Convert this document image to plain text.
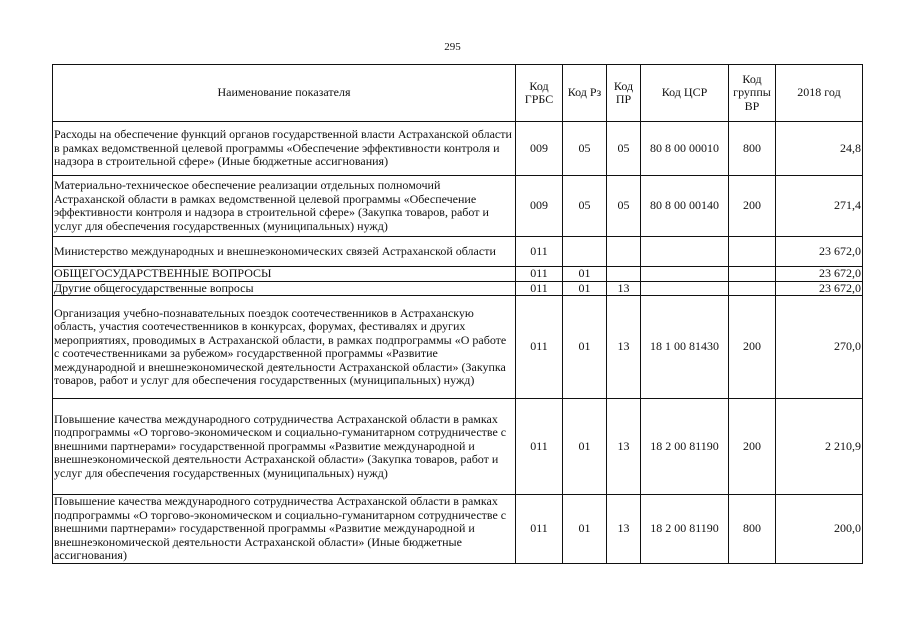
295
Наименование показателя	Код ГРБС	Код Рз	Код ПР	Код ЦСР	Код группы ВР	2018 год
Расходы на обеспечение функций органов государственной власти Астраханской области в рамках ведомственной целевой программы «Обеспечение эффективности контроля и надзора в строительной сфере» (Иные бюджетные ассигнования)	009	05	05	80 8 00 00010	800	24,8
Материально-техническое обеспечение реализации отдельных полномочий Астраханской области в рамках ведомственной целевой программы «Обеспечение эффективности контроля и надзора в строительной сфере» (Закупка товаров, работ и услуг для обеспечения государственных (муниципальных) нужд)	009	05	05	80 8 00 00140	200	271,4
Министерство международных и внешнеэкономических связей Астраханской области	011					23 672,0
ОБЩЕГОСУДАРСТВЕННЫЕ ВОПРОСЫ	011	01				23 672,0
Другие общегосударственные вопросы	011	01	13			23 672,0
Организация учебно-познавательных поездок соотечественников в Астраханскую область, участия соотечественников в конкурсах, форумах, фестивалях и других мероприятиях, проводимых в Астраханской области, в рамках подпрограммы «О работе с соотечественниками за рубежом» государственной программы «Развитие международной и внешнеэкономической деятельности Астраханской области» (Закупка товаров, работ и услуг для обеспечения государственных (муниципальных) нужд)	011	01	13	18 1 00 81430	200	270,0
Повышение качества международного сотрудничества Астраханской области в рамках подпрограммы «О торгово-экономическом и социально-гуманитарном сотрудничестве с внешними партнерами» государственной программы «Развитие международной и внешнеэкономической деятельности Астраханской области» (Закупка товаров, работ и услуг для обеспечения государственных (муниципальных) нужд)	011	01	13	18 2 00 81190	200	2 210,9
Повышение качества международного сотрудничества Астраханской области в рамках подпрограммы «О торгово-экономическом и социально-гуманитарном сотрудничестве с внешними партнерами» государственной программы «Развитие международной и внешнеэкономической деятельности Астраханской области» (Иные бюджетные ассигнования)	011	01	13	18 2 00 81190	800	200,0
